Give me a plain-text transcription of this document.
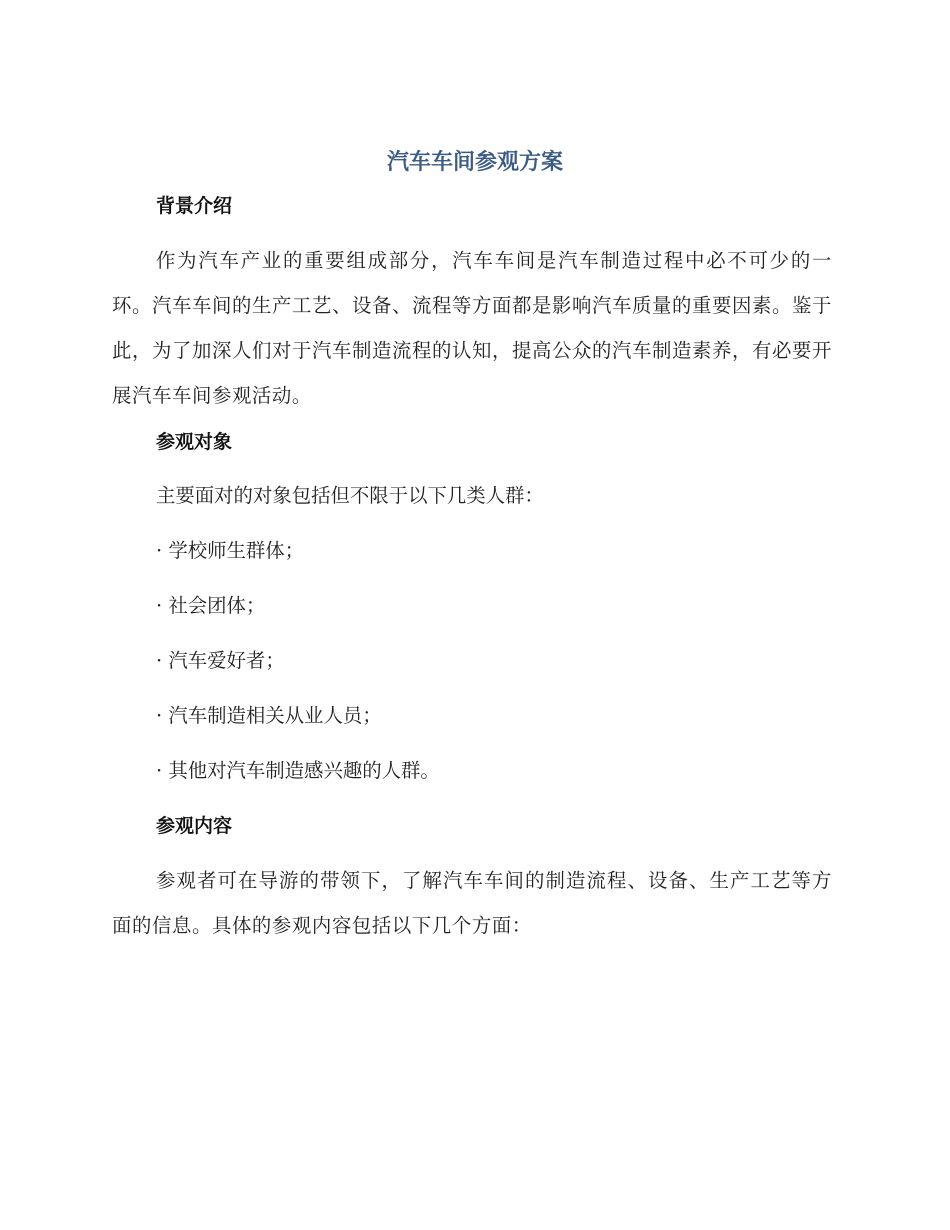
汽车车间参观方案
背景介绍

作为汽车产业的重要组成部分，汽车车间是汽车制造过程中必不可少的一环。汽车车间的生产工艺、设备、流程等方面都是影响汽车质量的重要因素。鉴于此，为了加深人们对于汽车制造流程的认知，提高公众的汽车制造素养，有必要开展汽车车间参观活动。

参观对象

主要面对的对象包括但不限于以下几类人群：

· 学校师生群体；

· 社会团体；

· 汽车爱好者；

· 汽车制造相关从业人员；

· 其他对汽车制造感兴趣的人群。

参观内容

参观者可在导游的带领下，了解汽车车间的制造流程、设备、生产工艺等方面的信息。具体的参观内容包括以下几个方面：
